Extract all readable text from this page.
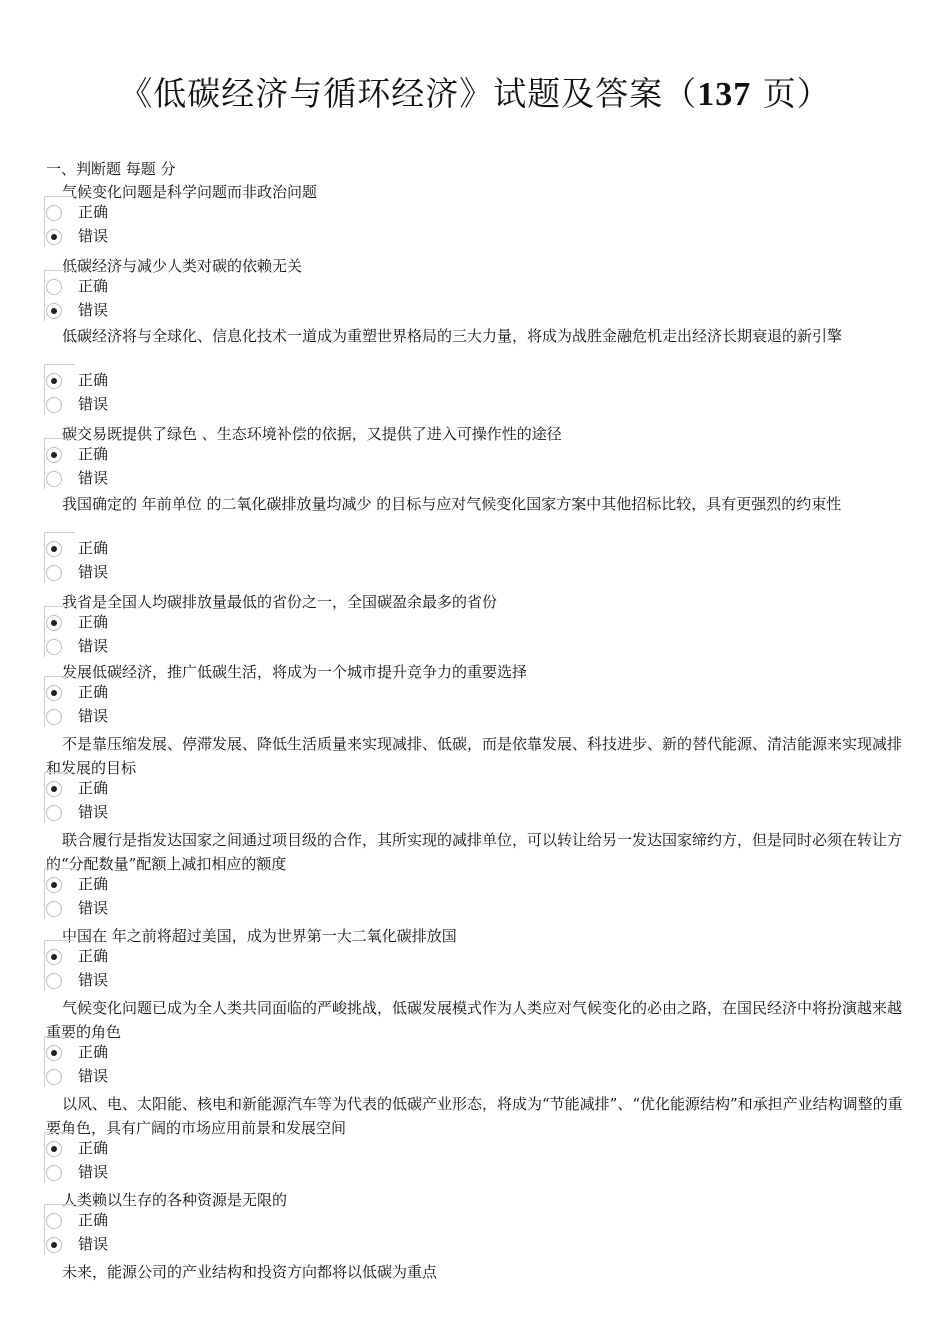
《低碳经济与循环经济》试题及答案（137 页）
一、判断题 每题 分
气候变化问题是科学问题而非政治问题
正确
错误
低碳经济与减少人类对碳的依赖无关
正确
错误
低碳经济将与全球化、信息化技术一道成为重塑世界格局的三大力量，将成为战胜金融危机走出经济长期衰退的新引擎
正确
错误
碳交易既提供了绿色 、生态环境补偿的依据，又提供了进入可操作性的途径
正确
错误
我国确定的 年前单位 的二氧化碳排放量均减少 的目标与应对气候变化国家方案中其他招标比较，具有更强烈的约束性
正确
错误
我省是全国人均碳排放量最低的省份之一，全国碳盈余最多的省份
正确
错误
发展低碳经济，推广低碳生活，将成为一个城市提升竞争力的重要选择
正确
错误
不是靠压缩发展、停滞发展、降低生活质量来实现减排、低碳，而是依靠发展、科技进步、新的替代能源、清洁能源来实现减排和发展的目标
正确
错误
联合履行是指发达国家之间通过项目级的合作，其所实现的减排单位，可以转让给另一发达国家缔约方，但是同时必须在转让方的“分配数量”配额上减扣相应的额度
正确
错误
中国在 年之前将超过美国，成为世界第一大二氧化碳排放国
正确
错误
气候变化问题已成为全人类共同面临的严峻挑战，低碳发展模式作为人类应对气候变化的必由之路，在国民经济中将扮演越来越重要的角色
正确
错误
以风、电、太阳能、核电和新能源汽车等为代表的低碳产业形态，将成为“节能减排”、“优化能源结构”和承担产业结构调整的重要角色，具有广阔的市场应用前景和发展空间
正确
错误
人类赖以生存的各种资源是无限的
正确
错误
未来，能源公司的产业结构和投资方向都将以低碳为重点
